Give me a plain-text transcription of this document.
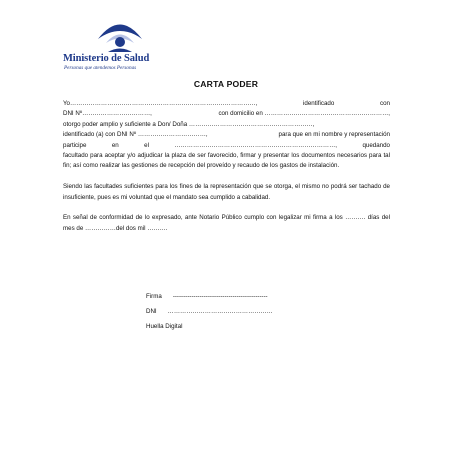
Ministerio de Salud
Personas que atendemos Personas
CARTA PODER

Yo………………………………………………………………………………,	identificado	con
DNI Nº……………………………,	con domicilio en ……………………………………………………,
otorgo poder amplio y suficiente a Don/ Doña ……………………………………………………,
identificado (a) con DNI Nº ……………………………,	para que en mi nombre y representación
participe	en	el	……………………………………………………………………,	quedando
facultado para aceptar y/o adjudicar la plaza de ser favorecido, firmar y presentar los documentos necesarios para tal fin; así como realizar las gestiones de recepción del proveído y recaudo de los gastos de instalación.

Siendo las facultades suficientes para los fines de la representación que se otorga, el mismo no podrá ser tachado de insuficiente, pues es mi voluntad que el mandato sea cumplido a cabalidad.

En señal de conformidad de lo expresado, ante Notario Público cumplo con legalizar mi firma a los ………. días del mes de ……………del dos mil ……….

Firma ----------------------------------------------
DNI ……………………………………………
Huella Digital
